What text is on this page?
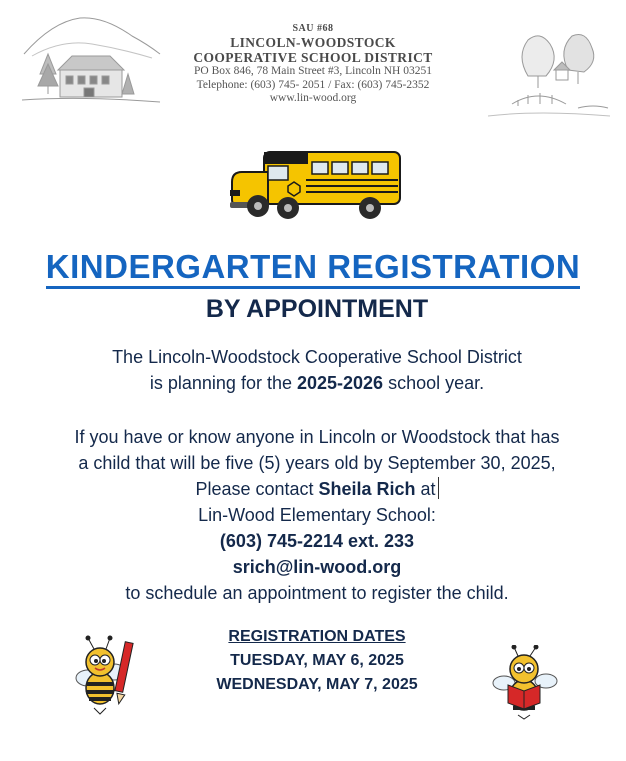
SAU #68
LINCOLN-WOODSTOCK
COOPERATIVE SCHOOL DISTRICT
PO Box 846, 78 Main Street #3, Lincoln NH 03251
Telephone: (603) 745- 2051 / Fax: (603) 745-2352
www.lin-wood.org
KINDERGARTEN REGISTRATION
BY APPOINTMENT
The Lincoln-Woodstock Cooperative School District
is planning for the 2025-2026 school year.
If you have or know anyone in Lincoln or Woodstock that has
a child that will be five (5) years old by September 30, 2025,
Please contact Sheila Rich at
Lin-Wood Elementary School:
(603) 745-2214 ext. 233
srich@lin-wood.org
to schedule an appointment to register the child.
REGISTRATION DATES
TUESDAY, MAY 6, 2025
WEDNESDAY, MAY 7, 2025
